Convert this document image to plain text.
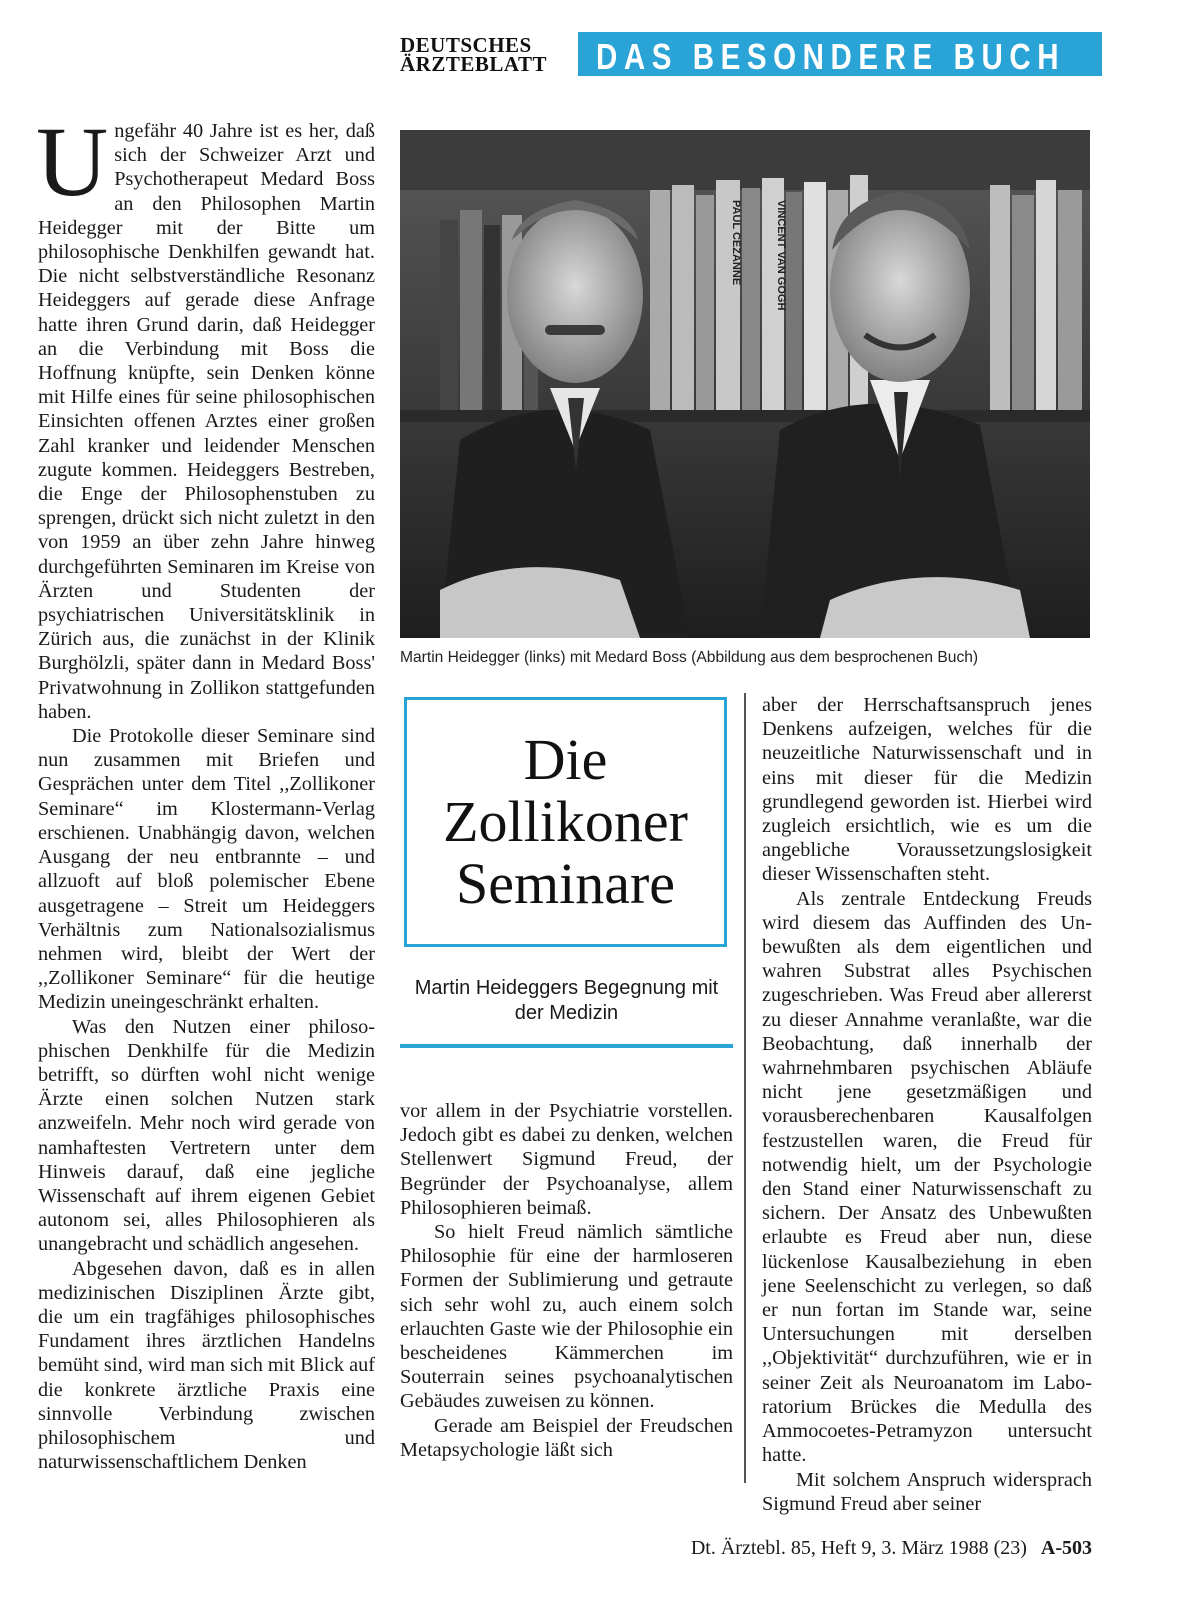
DEUTSCHES ÄRZTEBLATT	DAS BESONDERE BUCH

Ungefähr 40 Jahre ist es her, daß sich der Schweizer Arzt und Psychotherapeut Medard Boss an den Philosophen Martin Heidegger mit der Bitte um philosophische Denkhilfen gewandt hat. Die nicht selbstverständliche Resonanz Heideggers auf gerade diese Anfrage hatte ihren Grund darin, daß Heidegger an die Verbindung mit Boss die Hoffnung knüpfte, sein Denken könne mit Hilfe eines für seine philosophischen Einsichten offenen Arztes einer großen Zahl kranker und leidender Menschen zugute kommen. Heideggers Bestreben, die Enge der Philosophenstuben zu sprengen, drückt sich nicht zuletzt in den von 1959 an über zehn Jahre hinweg durchgeführten Seminaren im Kreise von Ärzten und Studenten der psychiatrischen Universitätsklinik in Zürich aus, die zunächst in der Klinik Burghölzli, später dann in Medard Boss' Privatwohnung in Zollikon stattgefunden haben.

Die Protokolle dieser Seminare sind nun zusammen mit Briefen und Gesprächen unter dem Titel ,,Zollikoner Seminare“ im Klostermann-Verlag erschienen. Unabhängig davon, welchen Ausgang der neu entbrannte – und allzuoft auf bloß polemischer Ebene ausgetragene – Streit um Heideggers Verhältnis zum Nationalsozialismus nehmen wird, bleibt der Wert der ,,Zollikoner Seminare“ für die heutige Medizin uneingeschränkt erhalten.

Was den Nutzen einer philosophischen Denkhilfe für die Medizin betrifft, so dürften wohl nicht wenige Ärzte einen solchen Nutzen stark anzweifeln. Mehr noch wird gerade von namhaftesten Vertretern unter dem Hinweis darauf, daß eine jegliche Wissenschaft auf ihrem eigenen Gebiet autonom sei, alles Philosophieren als unangebracht und schädlich angesehen.

Abgesehen davon, daß es in allen medizinischen Disziplinen Ärzte gibt, die um ein tragfähiges philosophisches Fundament ihres ärztlichen Handelns bemüht sind, wird man sich mit Blick auf die konkrete ärztliche Praxis eine sinnvolle Verbindung zwischen philosophischem und naturwissenschaftlichem Denken

PAUL CEZANNE	VINCENT VAN GOGH
Martin Heidegger (links) mit Medard Boss (Abbildung aus dem besprochenen Buch)
Die Zollikoner Seminare
Martin Heideggers Begegnung mit der Medizin

vor allem in der Psychiatrie vorstellen. Jedoch gibt es dabei zu denken, welchen Stellenwert Sigmund Freud, der Begründer der Psychoanalyse, allem Philosophieren beimaß.

So hielt Freud nämlich sämtliche Philosophie für eine der harmloseren Formen der Sublimierung und getraute sich sehr wohl zu, auch einem solch erlauchten Gaste wie der Philosophie ein bescheidenes Kämmerchen im Souterrain seines psychoanalytischen Gebäudes zuweisen zu können.

Gerade am Beispiel der Freudschen Metapsychologie läßt sich

aber der Herrschaftsanspruch jenes Denkens aufzeigen, welches für die neuzeitliche Naturwissenschaft und in eins mit dieser für die Medizin grundlegend geworden ist. Hierbei wird zugleich ersichtlich, wie es um die angebliche Voraussetzungslosigkeit dieser Wissenschaften steht.

Als zentrale Entdeckung Freuds wird diesem das Auffinden des Unbewußten als dem eigentlichen und wahren Substrat alles Psychischen zugeschrieben. Was Freud aber allererst zu dieser Annahme veranlaßte, war die Beobachtung, daß innerhalb der wahrnehmbaren psychischen Abläufe nicht jene gesetzmäßigen und vorausberechenbaren Kausalfolgen festzustellen waren, die Freud für notwendig hielt, um der Psychologie den Stand einer Naturwissenschaft zu sichern. Der Ansatz des Unbewußten erlaubte es Freud aber nun, diese lückenlose Kausalbeziehung in eben jene Seelenschicht zu verlegen, so daß er nun fortan im Stande war, seine Untersuchungen mit derselben ,,Objektivität“ durchzuführen, wie er in seiner Zeit als Neuroanatom im Laboratorium Brückes die Medulla des Ammocoetes-Petramyzon untersucht hatte.

Mit solchem Anspruch widersprach Sigmund Freud aber seiner

Dt. Ärztebl. 85, Heft 9, 3. März 1988 (23) A-503
